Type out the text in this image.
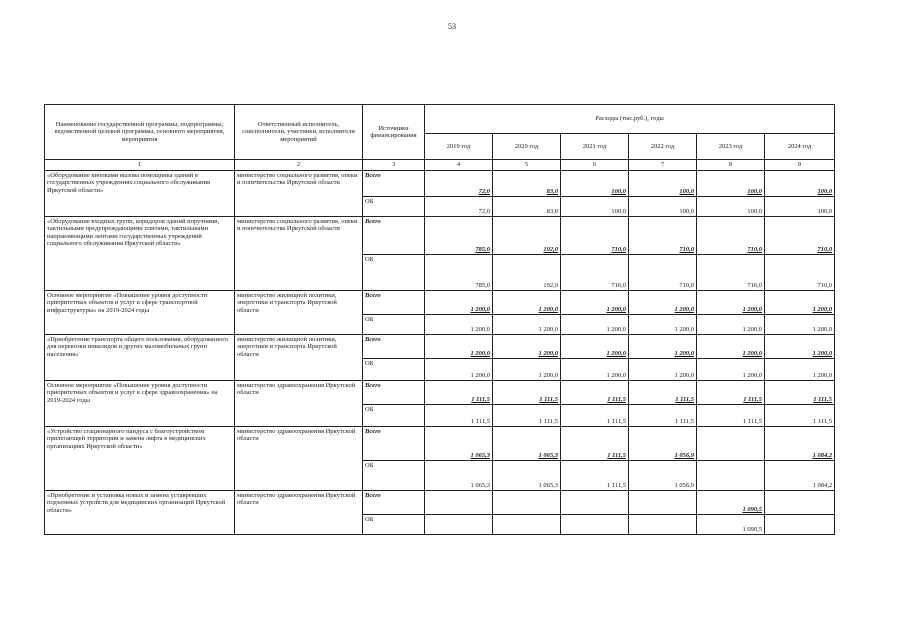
53
Наименование государственной программы, подпрограммы, ведомственной целевой программы, основного мероприятия, мероприятия	Ответственный исполнитель, соисполнители, участники, исполнители мероприятий	Источники финансирования	Расходы (тыс.руб.), годы					
			2019 год	2020 год	2021 год	2022 год	2023 год	2024 год
1	2	3	4	5	6	7	8	9
«Оборудование кнопками вызова помощника зданий в государственных учреждениях социального обслуживания Иркутской области»	министерство социального развития, опеки и попечительства Иркутской области	Всего	72,0	83,0	100,0	100,0	100,0	100,0
		ОБ	72,0	83,0	100,0	100,0	100,0	100,0
«Оборудование входных групп, коридоров зданий поручнями, тактильными предупреждающими плитами, тактильными направляющими лентами государственных учреждений социального обслуживания Иркутской области»	министерство социального развития, опеки и попечительства Иркутской области	Всего	785,0	192,0	710,0	710,0	710,0	710,0
		ОБ	785,0	192,0	710,0	710,0	710,0	710,0
Основное мероприятие «Повышение уровня доступности приоритетных объектов и услуг в сфере транспортной инфраструктуры» на 2019-2024 годы	министерство жилищной политики, энергетики и транспорта Иркутской области	Всего	1 200,0	1 200,0	1 200,0	1 200,0	1 200,0	1 200,0
		ОБ	1 200,0	1 200,0	1 200,0	1 200,0	1 200,0	1 200,0
«Приобретение транспорта общего пользования, оборудованного для перевозки инвалидов и других маломобильных групп населения»	министерство жилищной политики, энергетики и транспорта Иркутской области	Всего	1 200,0	1 200,0	1 200,0	1 200,0	1 200,0	1 200,0
		ОБ	1 200,0	1 200,0	1 200,0	1 200,0	1 200,0	1 200,0
Основное мероприятие «Повышение уровня доступности приоритетных объектов и услуг в сфере здравоохранения» на 2019-2024 годы	министерство здравоохранения Иркутской области	Всего	1 111,5	1 111,5	1 111,5	1 111,5	1 111,5	1 111,5
		ОБ	1 111,5	1 111,5	1 111,5	1 111,5	1 111,5	1 111,5
«Устройство стационарного пандуса с благоустройством прилегающей территории и замена лифта в медицинских организациях Иркутской области»	министерство здравоохранения Иркутской области	Всего	1 065,3	1 065,3	1 111,5	1 056,9		1 084,2
		ОБ	1 065,3	1 065,3	1 111,5	1 056,9		1 084,2
«Приобретение и установка новых и замена уставревших подъемных устройств для медицинских организаций Иркутской области»	министерство здравоохранения Иркутской области	Всего					1 090,5	
		ОБ					1 090,5	
